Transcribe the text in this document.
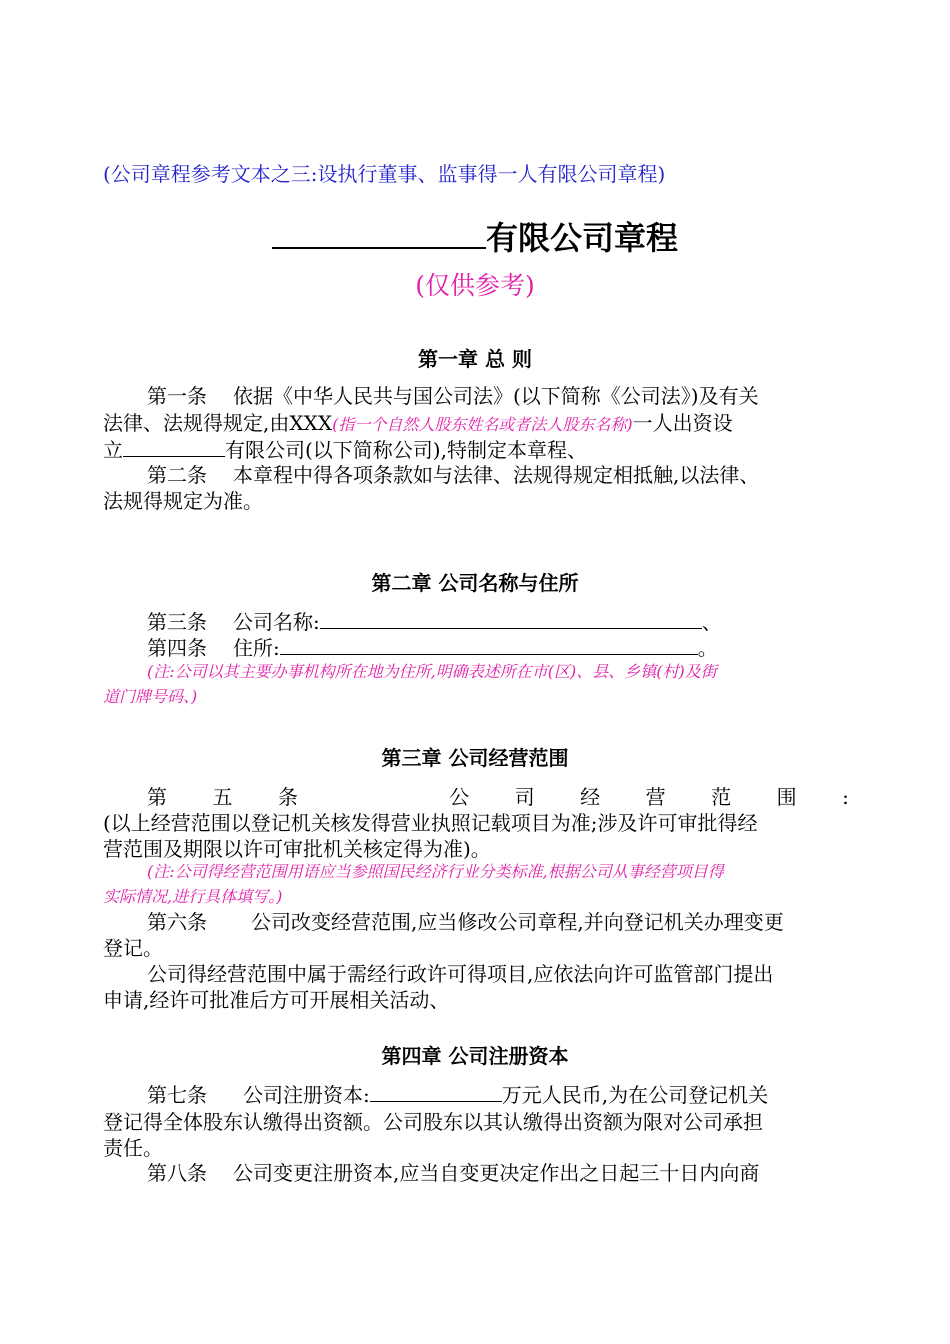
(公司章程参考文本之三:设执行董事、监事得一人有限公司章程)
有限公司章程
(仅供参考)
第一章 总 则
第一条 依据《中华人民共与国公司法》(以下简称《公司法》)及有关
法律、法规得规定,由XXX(指一个自然人股东姓名或者法人股东名称)一人出资设
立	有限公司(以下简称公司),特制定本章程、
第二条 本章程中得各项条款如与法律、法规得规定相抵触,以法律、
法规得规定为准。
第二章 公司名称与住所
第三条 公司名称:	、
第四条 住所:	。
(注:公司以其主要办事机构所在地为住所,明确表述所在市(区)、县、乡镇(村)及街
道门牌号码、)
第三章 公司经营范围
第 五 条	公 司 经 营 范 围 :
(以上经营范围以登记机关核发得营业执照记载项目为准;涉及许可审批得经
营范围及期限以许可审批机关核定得为准)。
(注:公司得经营范围用语应当参照国民经济行业分类标准,根据公司从事经营项目得
实际情况,进行具体填写。)
第六条 公司改变经营范围,应当修改公司章程,并向登记机关办理变更
登记。
公司得经营范围中属于需经行政许可得项目,应依法向许可监管部门提出
申请,经许可批准后方可开展相关活动、
第四章 公司注册资本
第七条 公司注册资本:	万元人民币,为在公司登记机关
登记得全体股东认缴得出资额。公司股东以其认缴得出资额为限对公司承担
责任。
第八条 公司变更注册资本,应当自变更决定作出之日起三十日内向商
